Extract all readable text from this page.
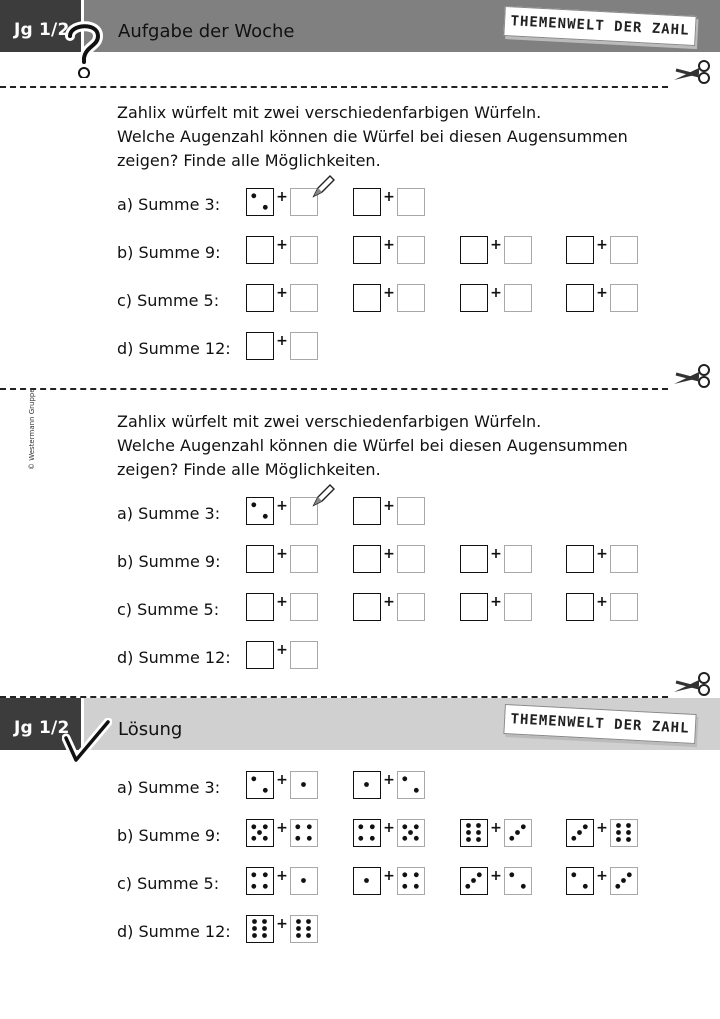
Jg 1/2	Aufgabe der Woche	THEMENWELT DER ZAHL
Zahlix würfelt mit zwei verschiedenfarbigen Würfeln.
Welche Augenzahl können die Würfel bei diesen Augensummen
zeigen? Finde alle Möglichkeiten.
a) Summe 3:	+	+
b) Summe 9:	+	+	+	+
c) Summe 5:	+	+	+	+
d) Summe 12:	+
© Westermann Gruppe	Zahlix würfelt mit zwei verschiedenfarbigen Würfeln.
Welche Augenzahl können die Würfel bei diesen Augensummen
zeigen? Finde alle Möglichkeiten.
a) Summe 3:	+	+
b) Summe 9:	+	+	+	+
c) Summe 5:	+	+	+	+
d) Summe 12:	+
Jg 1/2	Lösung	THEMENWELT DER ZAHL
a) Summe 3:	+	+
b) Summe 9:	+	+	+	+
c) Summe 5:	+	+	+	+
d) Summe 12:	+
